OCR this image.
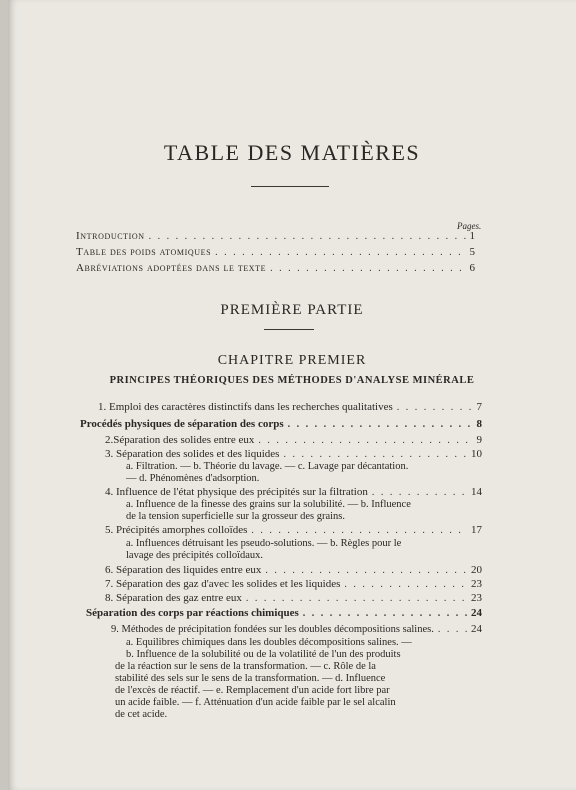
TABLE DES MATIÈRES
Pages.
Introduction . . .	1
Table des poids atomiques . . .	5
Abréviations adoptées dans le texte . . .	6
PREMIÈRE PARTIE
CHAPITRE PREMIER
PRINCIPES THÉORIQUES DES MÉTHODES D'ANALYSE MINÉRALE
1. Emploi des caractères distinctifs dans les recherches qualitatives . . .	7
Procédés physiques de séparation des corps . . .	8
2.Séparation des solides entre eux . . .	9
3. Séparation des solides et des liquides . . .	10
a. Filtration. — b. Théorie du lavage. — c. Lavage par décantation.
— d. Phénomènes d'adsorption.
4. Influence de l'état physique des précipités sur la filtration . . .	14
a. Influence de la finesse des grains sur la solubilité. — b. Influence
de la tension superficielle sur la grosseur des grains.
5. Précipités amorphes colloïdes . . .	17
a. Influences détruisant les pseudo-solutions. — b. Règles pour le
lavage des précipités colloïdaux.
6. Séparation des liquides entre eux . . .	20
7. Séparation des gaz d'avec les solides et les liquides . . .	23
8. Séparation des gaz entre eux . . .	23
Séparation des corps par réactions chimiques . . .	24
9. Méthodes de précipitation fondées sur les doubles décompositions salines. . . .	24
a. Equilibres chimiques dans les doubles décompositions salines. —
b. Influence de la solubilité ou de la volatilité de l'un des produits
de la réaction sur le sens de la transformation. — c. Rôle de la
stabilité des sels sur le sens de la transformation. — d. Influence
de l'excès de réactif. — e. Remplacement d'un acide fort libre par
un acide faible. — f. Atténuation d'un acide faible par le sel alcalin
de cet acide.
